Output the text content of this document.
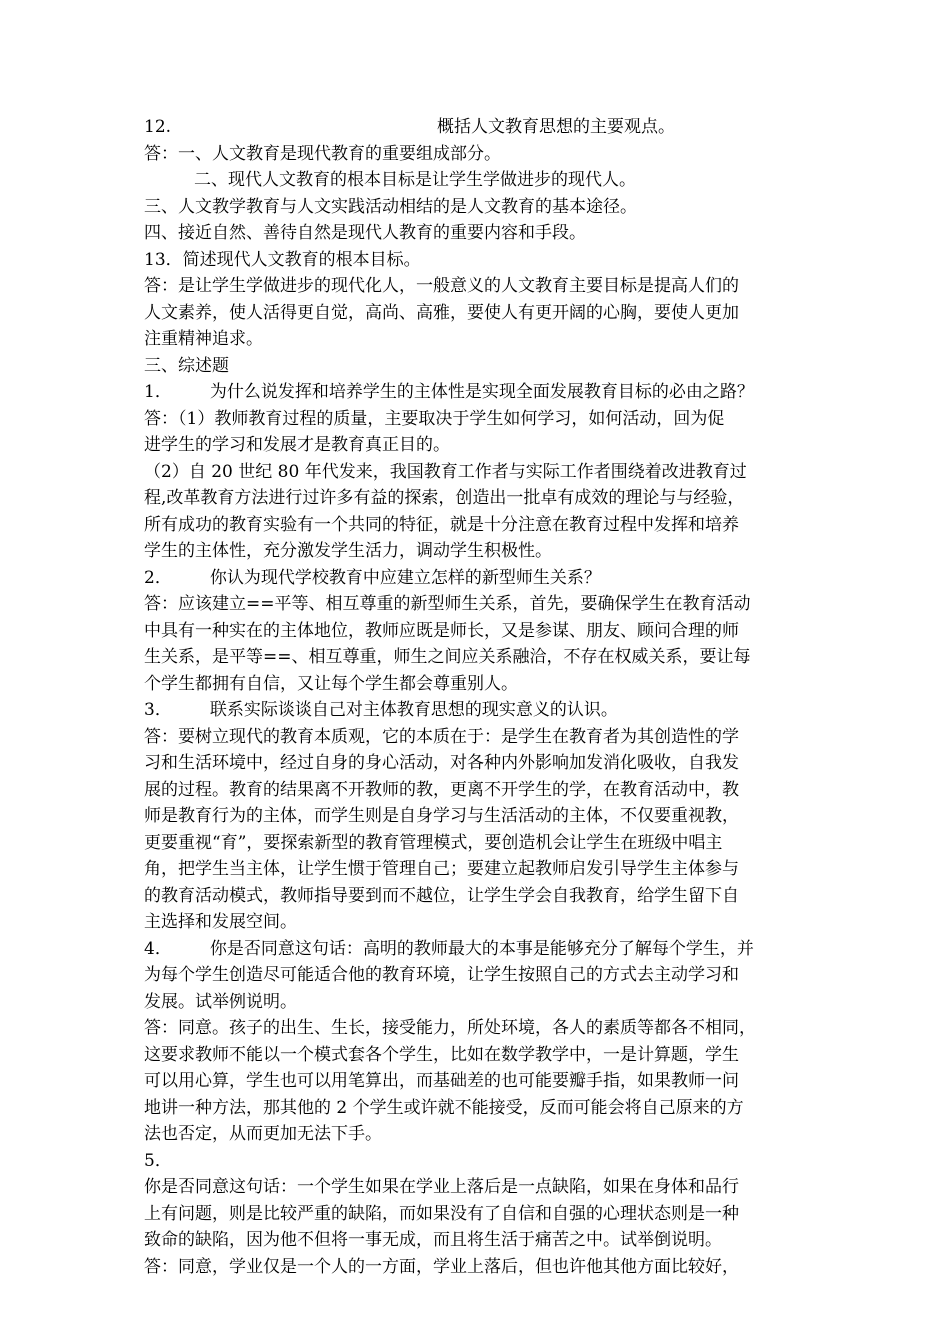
12.	概括人文教育思想的主要观点。
答：一、人文教育是现代教育的重要组成部分。
二、现代人文教育的根本目标是让学生学做进步的现代人。
三、人文教学教育与人文实践活动相结的是人文教育的基本途径。
四、接近自然、善待自然是现代人教育的重要内容和手段。
13．简述现代人文教育的根本目标。
答：是让学生学做进步的现代化人，一般意义的人文教育主要目标是提高人们的
人文素养，使人活得更自觉，高尚、高雅，要使人有更开阔的心胸，要使人更加
注重精神追求。
三、综述题
1． 为什么说发挥和培养学生的主体性是实现全面发展教育目标的必由之路？
答：（1）教师教育过程的质量，主要取决于学生如何学习，如何活动，回为促
进学生的学习和发展才是教育真正目的。
（2）自 20 世纪 80 年代发来，我国教育工作者与实际工作者围绕着改进教育过
程,改革教育方法进行过许多有益的探索，创造出一批卓有成效的理论与与经验，
所有成功的教育实验有一个共同的特征，就是十分注意在教育过程中发挥和培养
学生的主体性，充分激发学生活力，调动学生积极性。
2． 你认为现代学校教育中应建立怎样的新型师生关系？
答：应该建立==平等、相互尊重的新型师生关系，首先，要确保学生在教育活动
中具有一种实在的主体地位，教师应既是师长，又是参谋、朋友、顾问合理的师
生关系，是平等==、相互尊重，师生之间应关系融洽，不存在权威关系，要让每
个学生都拥有自信，又让每个学生都会尊重别人。
3． 联系实际谈谈自己对主体教育思想的现实意义的认识。
答：要树立现代的教育本质观，它的本质在于：是学生在教育者为其创造性的学
习和生活环境中，经过自身的身心活动，对各种内外影响加发消化吸收，自我发
展的过程。教育的结果离不开教师的教，更离不开学生的学，在教育活动中，教
师是教育行为的主体，而学生则是自身学习与生活活动的主体，不仅要重视教，
更要重视“育”，要探索新型的教育管理模式，要创造机会让学生在班级中唱主
角，把学生当主体，让学生惯于管理自己；要建立起教师启发引导学生主体参与
的教育活动模式，教师指导要到而不越位，让学生学会自我教育，给学生留下自
主选择和发展空间。
4． 你是否同意这句话：高明的教师最大的本事是能够充分了解每个学生，并
为每个学生创造尽可能适合他的教育环境，让学生按照自己的方式去主动学习和
发展。试举例说明。
答：同意。孩子的出生、生长，接受能力，所处环境，各人的素质等都各不相同，
这要求教师不能以一个模式套各个学生，比如在数学教学中，一是计算题，学生
可以用心算，学生也可以用笔算出，而基础差的也可能要瓣手指，如果教师一问
地讲一种方法，那其他的 2 个学生或许就不能接受，反而可能会将自己原来的方
法也否定，从而更加无法下手。
5．
你是否同意这句话：一个学生如果在学业上落后是一点缺陷，如果在身体和品行
上有问题，则是比较严重的缺陷，而如果没有了自信和自强的心理状态则是一种
致命的缺陷，因为他不但将一事无成，而且将生活于痛苦之中。试举倒说明。
答：同意，学业仅是一个人的一方面，学业上落后，但也许他其他方面比较好，
